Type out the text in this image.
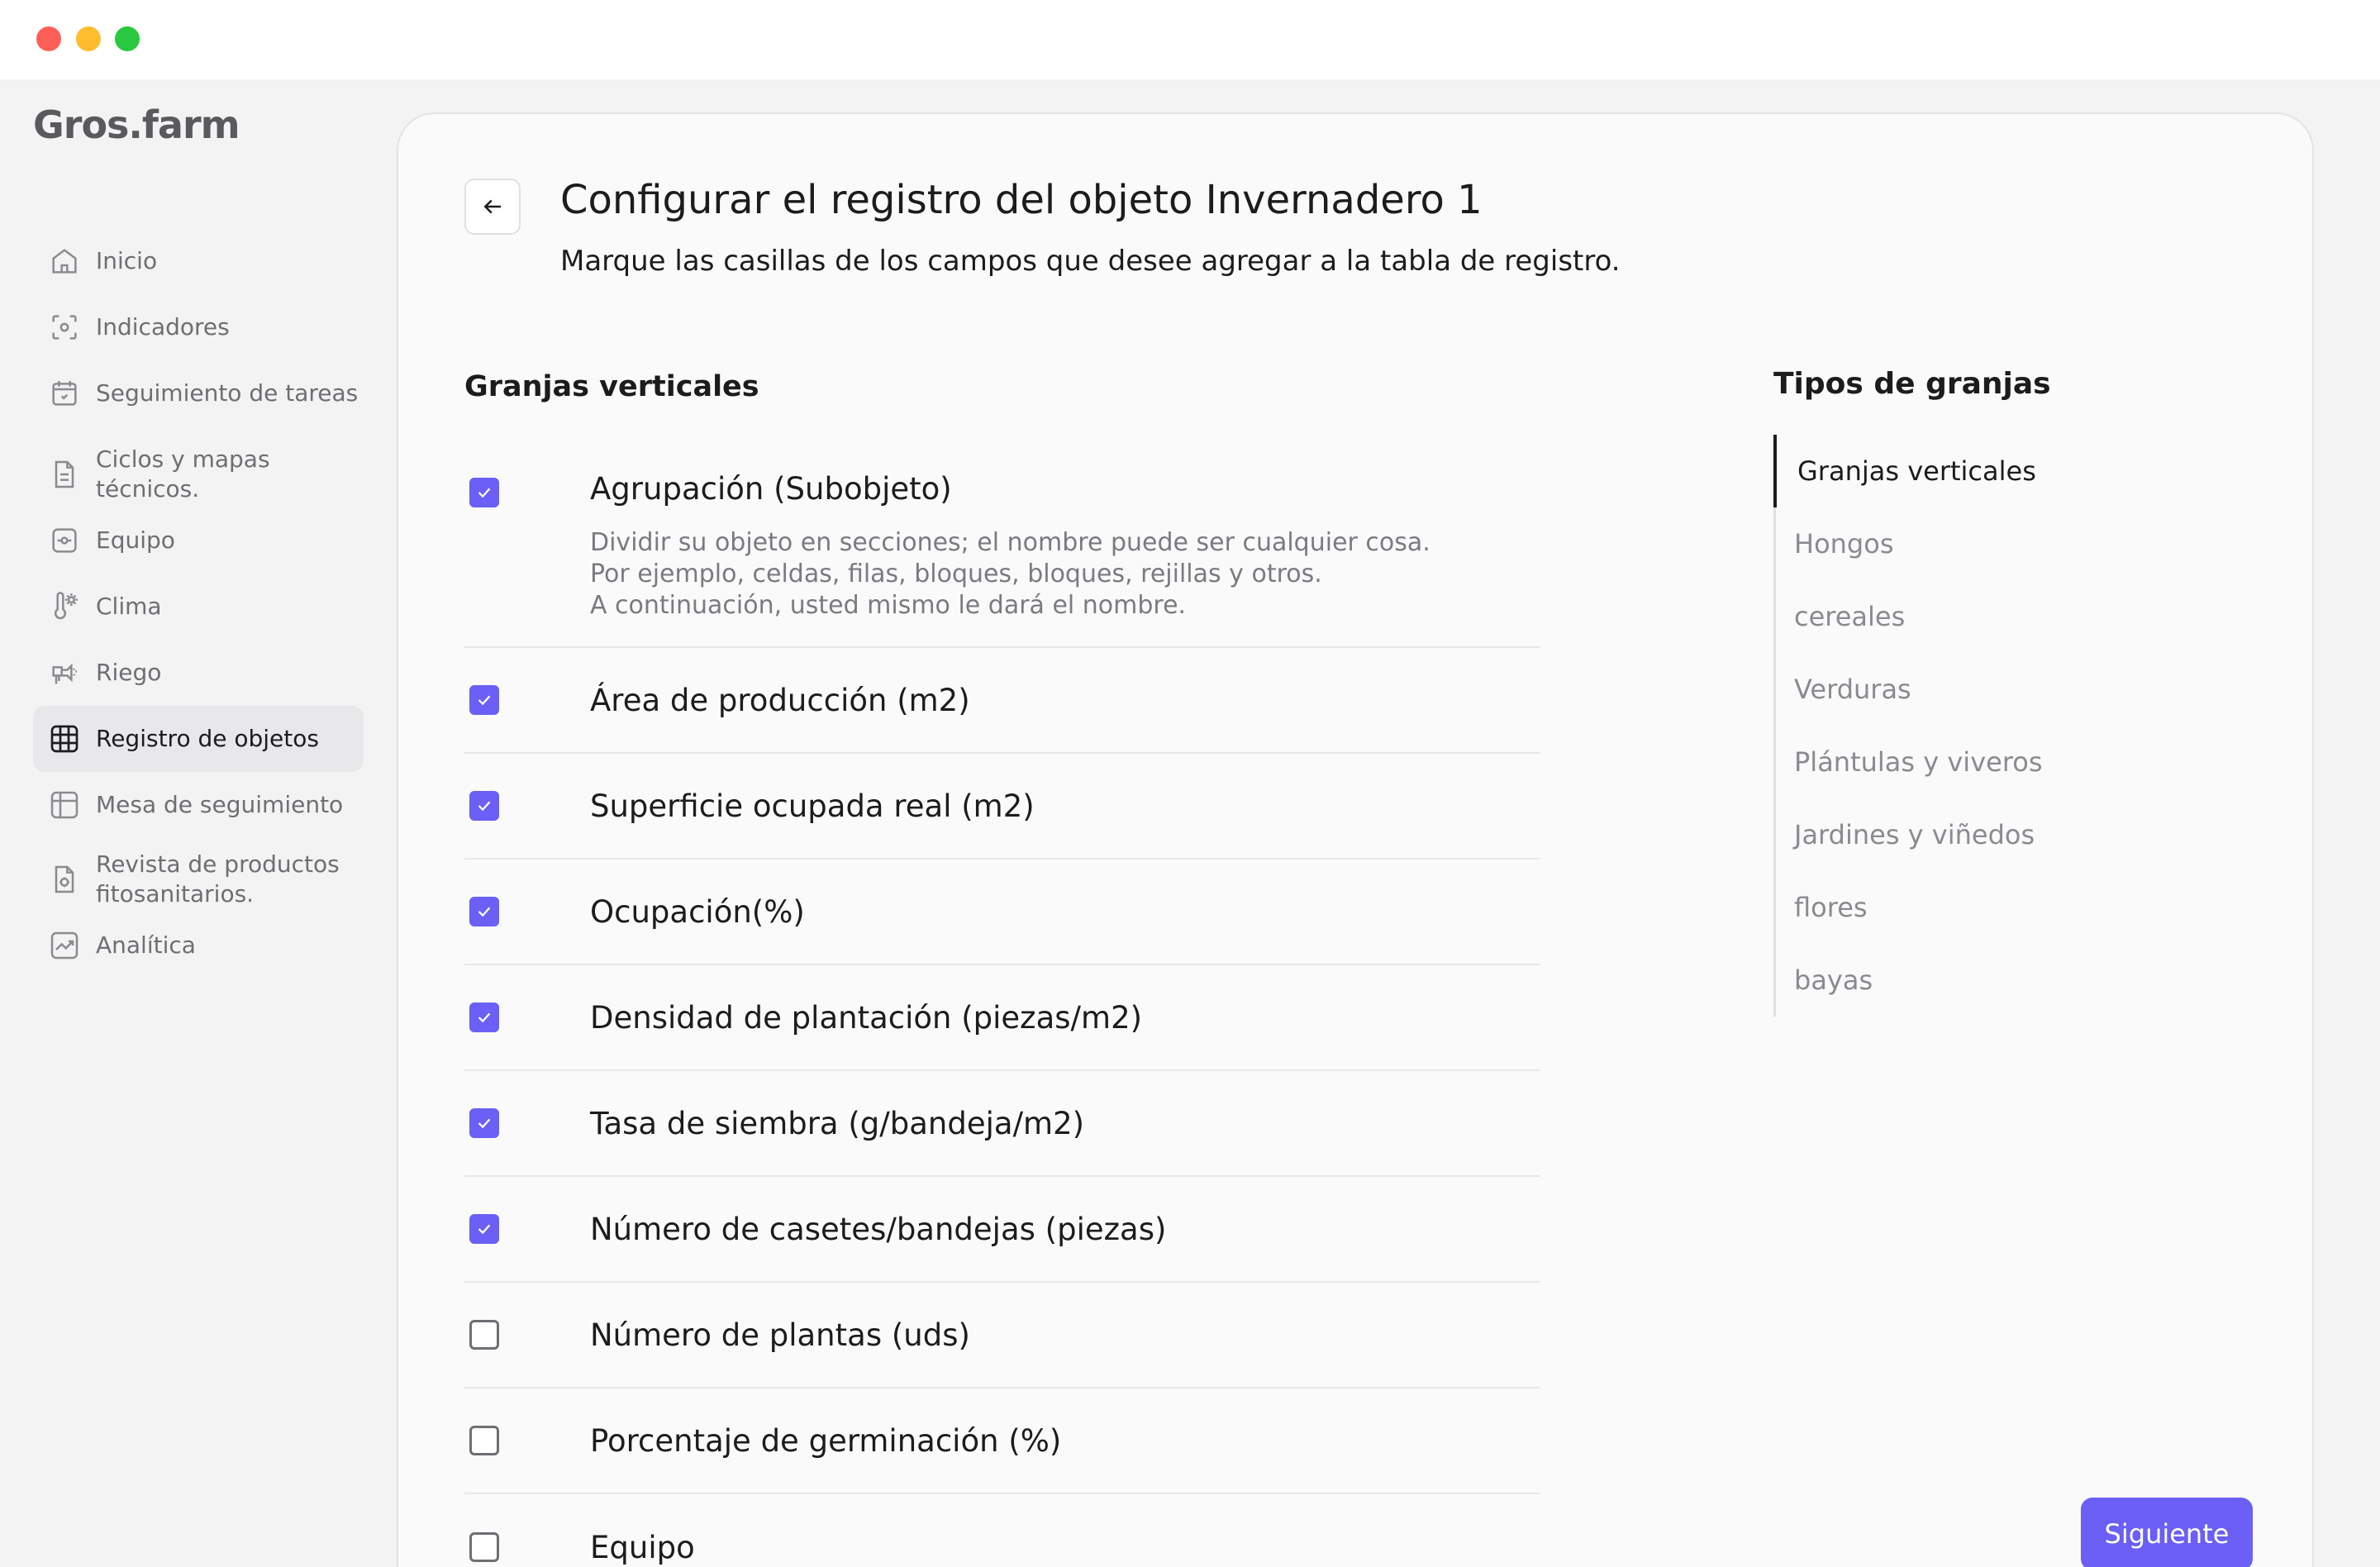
Gros.farm
Inicio
Indicadores
Seguimiento de tareas
Ciclos y mapas técnicos.
Equipo
Clima
Riego
Registro de objetos
Mesa de seguimiento
Revista de productos fitosanitarios.
Analítica
Configurar el registro del objeto Invernadero 1

Marque las casillas de los campos que desee agregar a la tabla de registro.

Granjas verticales
Agrupación (Subobjeto)
Dividir su objeto en secciones; el nombre puede ser cualquier cosa.
Por ejemplo, celdas, filas, bloques, bloques, rejillas y otros.
A continuación, usted mismo le dará el nombre.
Área de producción (m2)
Superficie ocupada real (m2)
Ocupación(%)
Densidad de plantación (piezas/m2)
Tasa de siembra (g/bandeja/m2)
Número de casetes/bandejas (piezas)
Número de plantas (uds)
Porcentaje de germinación (%)
Equipo
Tipos de granjas
Granjas verticales
Hongos
cereales
Verduras
Plántulas y viveros
Jardines y viñedos
flores
bayas
Siguiente
